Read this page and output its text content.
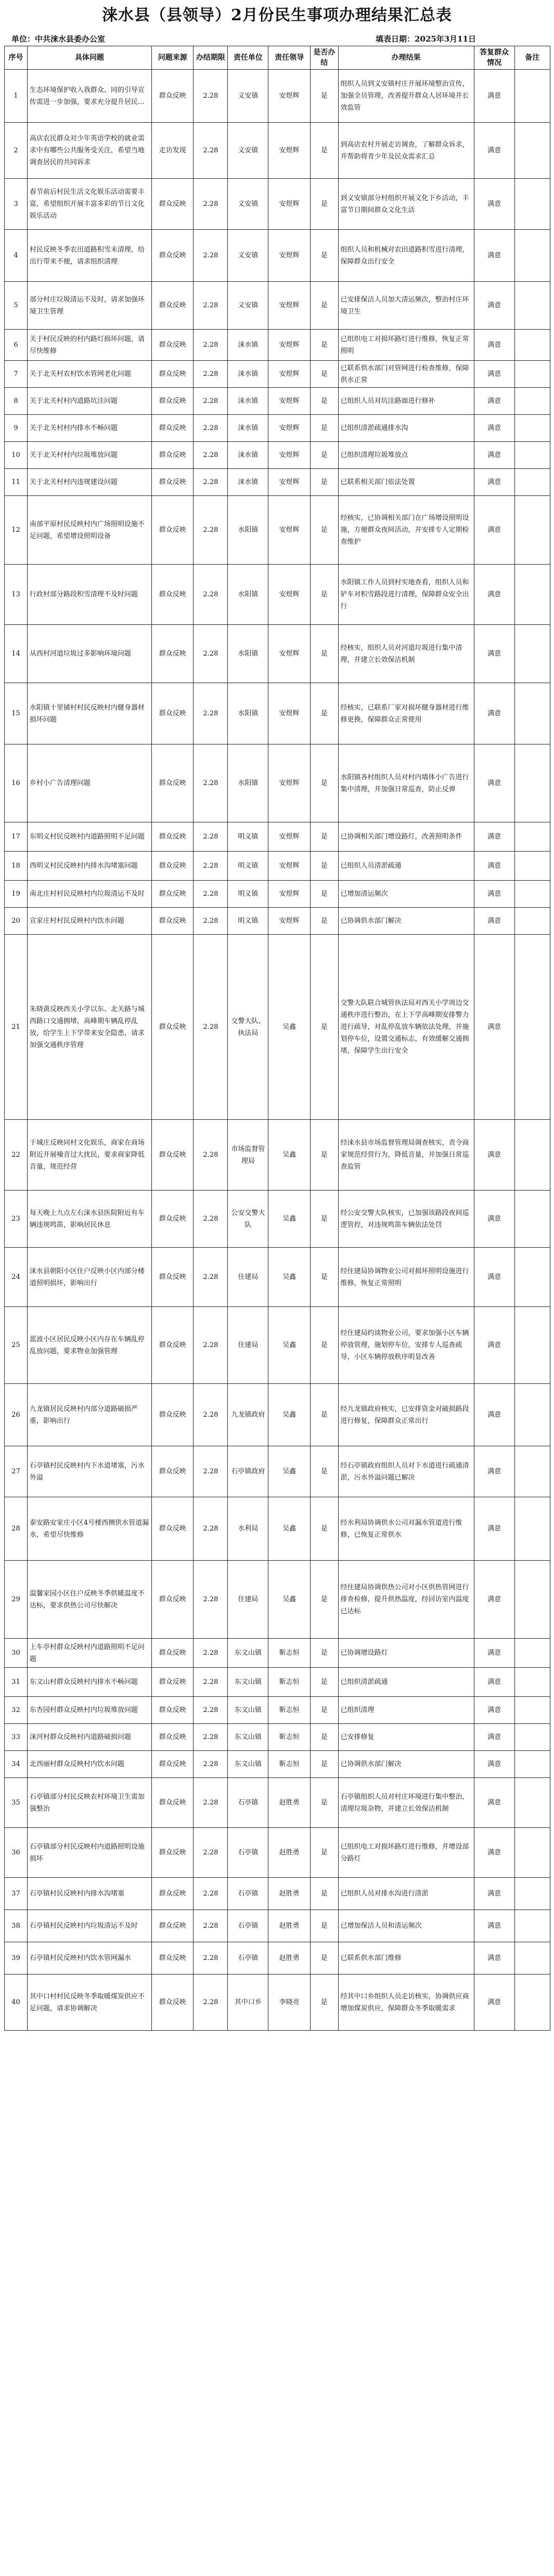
涞水县（县领导）2月份民生事项办理结果汇总表
单位：中共涞水县委办公室	填表日期：2025年3月11日
序号	具体问题	问题来源	办结期限	责任单位	责任领导	是否办结	办理结果	答复群众情况	备注
1	生态环境保护收入我群众、同的引导宣传需进一步加强，要求充分提升居民…	群众反映	2.28	义安镇	安煜辉	是	组织人员到义安镇村庄开展环境整治宣传，加强全员管理，改善提升群众人居环境并长效监管	满意	
2	高店农民群众对少年英语学校的就业需求中有哪些公共服务受关注，希望当地调查居民的共同诉求	走访发现	2.28	义安镇	安煜辉	是	到高店农村开展走访调查，了解群众诉求，并帮助将青少年及民众需求汇总	满意	
3	春节前后村民生活文化娱乐活动需要丰富，希望组织开展丰富多彩的节日文化娱乐活动	群众反映	2.28	义安镇	安煜辉	是	到义安镇部分村组织开展文化下乡活动，丰富节日期间群众文化生活	满意	
4	村民反映冬季农田道路积雪未清理，给出行带来不便，请求组织清理	群众反映	2.28	义安镇	安煜辉	是	组织人员和机械对农田道路积雪进行清理，保障群众出行安全	满意	
5	部分村庄垃圾清运不及时，请求加强环境卫生管理	群众反映	2.28	义安镇	安煜辉	是	已安排保洁人员加大清运频次，整治村庄环境卫生	满意	
6	关于村民反映的村内路灯损坏问题，请尽快维修	群众反映	2.28	涞水镇	安煜辉	是	已组织电工对损坏路灯进行维修，恢复正常照明	满意	
7	关于北关村农村饮水管网老化问题	群众反映	2.28	涞水镇	安煜辉	是	已联系供水部门对管网进行检查维修，保障供水正常	满意	
8	关于北关村村内道路坑洼问题	群众反映	2.28	涞水镇	安煜辉	是	已组织人员对坑洼路面进行修补	满意	
9	关于北关村村内排水不畅问题	群众反映	2.28	涞水镇	安煜辉	是	已组织清淤疏通排水沟	满意	
10	关于北关村村内垃圾堆放问题	群众反映	2.28	涞水镇	安煜辉	是	已组织清理垃圾堆放点	满意	
11	关于北关村村内违规建设问题	群众反映	2.28	涞水镇	安煜辉	是	已联系相关部门依法处置	满意	
12	南部平原村民反映村内广场照明设施不足问题，希望增设照明设备	群众反映	2.28	水阳镇	安煜辉	是	经核实，已协调相关部门在广场增设照明设施，方便群众夜间活动，并安排专人定期检查维护	满意	
13	行政村部分路段积雪清理不及时问题	群众反映	2.28	水阳镇	安煜辉	是	水阳镇工作人员到村实地查看，组织人员和铲车对积雪路段进行清理，保障群众安全出行	满意	
14	从西村河道垃圾过多影响环境问题	群众反映	2.28	水阳镇	安煜辉	是	经核实，组织人员对河道垃圾进行集中清理，并建立长效保洁机制	满意	
15	水阳镇十里铺村村民反映村内健身器材损坏问题	群众反映	2.28	水阳镇	安煜辉	是	经核实，已联系厂家对损坏健身器材进行维修更换，保障群众正常使用	满意	
16	乡村小广告清理问题	群众反映	2.28	水阳镇	安煜辉	是	水阳镇各村组织人员对村内墙体小广告进行集中清理，并加强日常巡查，防止反弹	满意	
17	东明义村民反映村内道路照明不足问题	群众反映	2.28	明义镇	安煜辉	是	已协调相关部门增设路灯，改善照明条件	满意	
18	西明义村民反映村内排水沟堵塞问题	群众反映	2.28	明义镇	安煜辉	是	已组织人员清淤疏通	满意	
19	南北庄村村民反映村内垃圾清运不及时	群众反映	2.28	明义镇	安煜辉	是	已增加清运频次	满意	
20	宣家庄村村民反映村内饮水问题	群众反映	2.28	明义镇	安煜辉	是	已协调供水部门解决	满意	
21	朱晓黄反映西关小学以东、北关路与城西路口交通拥堵，高峰期车辆乱停乱放，给学生上下学带来安全隐患，请求加强交通秩序管理	群众反映	2.28	交警大队、执法局	吴鑫	是	交警大队联合城管执法局对西关小学周边交通秩序进行整治，在上下学高峰期安排警力进行疏导，对乱停乱放车辆依法处理，并施划停车位，设置交通标志，有效缓解交通拥堵，保障学生出行安全	满意	
22	干城庄反映同村文化娱乐，商家在商场附近开展噪音过大扰民，要求商家降低音量，规范经营	群众反映	2.28	市场监督管理局	吴鑫	是	经涞水县市场监督管理局调查核实，责令商家规范经营行为，降低音量，并加强日常巡查监管	满意	
23	每天晚上九点左右涞水县医院附近有车辆违规鸣笛，影响居民休息	群众反映	2.28	公安交警大队	吴鑫	是	经公安交警大队核实，已加强该路段夜间巡逻管控，对违规鸣笛车辆依法处罚	满意	
24	涞水县朝阳小区住户反映小区内部分楼道照明损坏，影响出行	群众反映	2.28	住建局	吴鑫	是	经住建局协调物业公司对损坏照明设施进行维修，恢复正常照明	满意	
25	蓝波小区居民反映小区内存在车辆乱停乱放问题，要求物业加强管理	群众反映	2.28	住建局	吴鑫	是	经住建局约谈物业公司，要求加强小区车辆停放管理，施划停车位，安排专人巡查疏导，小区车辆停放秩序明显改善	满意	
26	九龙镇居民反映村内部分道路破损严重，影响出行	群众反映	2.28	九龙镇政府	吴鑫	是	经九龙镇政府核实，已安排资金对破损路段进行修复，保障群众正常出行	满意	
27	石亭镇村民反映村内下水道堵塞，污水外溢	群众反映	2.28	石亭镇政府	吴鑫	是	经石亭镇政府组织人员对下水道进行疏通清淤，污水外溢问题已解决	满意	
28	泰安路安家庄小区4号楼西侧供水管道漏水，希望尽快维修	群众反映	2.28	水利局	吴鑫	是	经水利局协调供水公司对漏水管道进行维修，已恢复正常供水	满意	
29	温馨家园小区住户反映冬季供暖温度不达标，要求供热公司尽快解决	群众反映	2.28	住建局	吴鑫	是	经住建局协调供热公司对小区供热管网进行排查检修，提升供热温度，经回访室内温度已达标	满意	
30	上车亭村群众反映村内道路照明不足问题	群众反映	2.28	东文山镇	靳志恒	是	已协调增设路灯	满意	
31	东文山村群众反映村内排水不畅问题	群众反映	2.28	东文山镇	靳志恒	是	已组织清淤疏通	满意	
32	东杏园村群众反映村内垃圾堆放问题	群众反映	2.28	东文山镇	靳志恒	是	已组织清理	满意	
33	涞河村群众反映村内道路破损问题	群众反映	2.28	东文山镇	靳志恒	是	已安排修复	满意	
34	北西丽村群众反映村内饮水问题	群众反映	2.28	东文山镇	靳志恒	是	已协调供水部门解决	满意	
35	石亭镇部分村民反映农村环境卫生需加强整治	群众反映	2.28	石亭镇	赵胜勇	是	石亭镇组织人员对村庄环境进行集中整治，清理垃圾杂物，并建立长效保洁机制	满意	
36	石亭镇部分村民反映村内道路照明设施损坏	群众反映	2.28	石亭镇	赵胜勇	是	已组织电工对损坏路灯进行维修，并增设部分路灯	满意	
37	石亭镇村民反映村内排水沟堵塞	群众反映	2.28	石亭镇	赵胜勇	是	已组织人员对排水沟进行清淤	满意	
38	石亭镇村民反映村内垃圾清运不及时	群众反映	2.28	石亭镇	赵胜勇	是	已增加保洁人员和清运频次	满意	
39	石亭镇村民反映村内饮水管网漏水	群众反映	2.28	石亭镇	赵胜勇	是	已联系供水部门维修	满意	
40	其中口村村民反映冬季取暖煤炭供应不足问题，请求协调解决	群众反映	2.28	其中口乡	李晓亮	是	经其中口乡组织人员走访核实，协调供应商增加煤炭供应，保障群众冬季取暖需求	满意	
